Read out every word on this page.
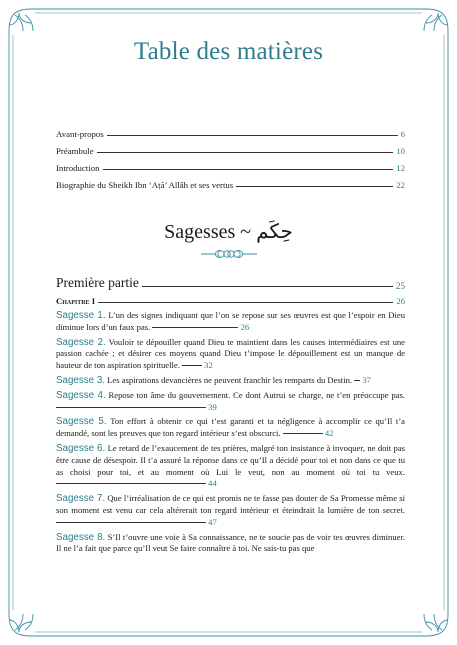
Table des matières
Avant-propos	6
Préambule	10
Introduction	12
Biographie du Sheikh Ibn ‘Aṭā’ Allâh et ses vertus	22
Sagesses ~ حِكَم
Première partie	25
Chapitre I	26
Sagesse 1. L’un des signes indiquant que l’on se repose sur ses œuvres est que l’espoir en Dieu diminue lors d’un faux pas.	26
Sagesse 2. Vouloir te dépouiller quand Dieu te maintient dans les causes intermédiaires est une passion cachée ; et désirer ces moyens quand Dieu t’impose le dépouillement est un manque de hauteur de ton aspiration spirituelle.	32
Sagesse 3. Les aspirations devancières ne peuvent franchir les remparts du Destin. 37
Sagesse 4. Repose ton âme du gouvernement. Ce dont Autrui se charge, ne t’en préoccupe pas.  39
Sagesse 5. Ton effort à obtenir ce qui t’est garanti et ta négligence à accomplir ce qu’Il t’a demandé, sont les preuves que ton regard intérieur s’est obscurci.	42
Sagesse 6. Le retard de l’exaucement de tes prières, malgré ton insistance à invoquer, ne doit pas être cause de désespoir. Il t’a assuré la réponse dans ce qu’Il a décidé pour toi et non dans ce que tu as choisi pour toi, et au moment où Lui le veut, non au moment où toi tu veux.  44
Sagesse 7. Que l’irréalisation de ce qui est promis ne te fasse pas douter de Sa Promesse même si son moment est venu car cela altérerait ton regard intérieur et éteindrait la lumière de ton secret.  47
Sagesse 8. S’Il t’ouvre une voie à Sa connaissance, ne te soucie pas de voir tes œuvres diminuer. Il ne l’a fait que parce qu’Il veut Se faire connaître à toi. Ne sais-tu pas que
